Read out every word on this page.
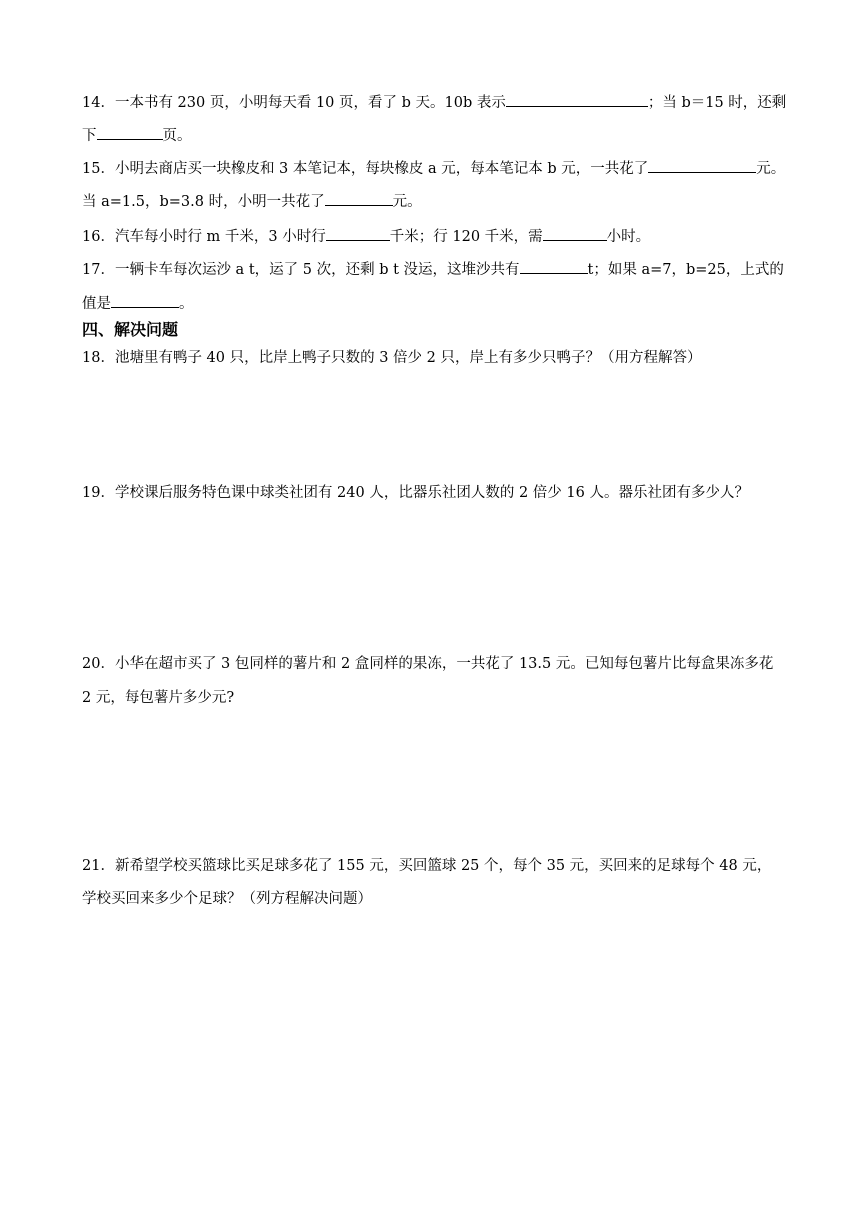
14．一本书有 230 页，小明每天看 10 页，看了 b 天。10b 表示	；当 b＝15 时，还剩
下	页。
15．小明去商店买一块橡皮和 3 本笔记本，每块橡皮 a 元，每本笔记本 b 元，一共花了	元。
当 a=1.5，b=3.8 时，小明一共花了	元。
16．汽车每小时行 m 千米，3 小时行	千米；行 120 千米，需	小时。
17．一辆卡车每次运沙 a t，运了 5 次，还剩 b t 没运，这堆沙共有	t；如果 a=7，b=25，上式的
值是	。
四、解决问题
18．池塘里有鸭子 40 只，比岸上鸭子只数的 3 倍少 2 只，岸上有多少只鸭子？（用方程解答）
19．学校课后服务特色课中球类社团有 240 人，比器乐社团人数的 2 倍少 16 人。器乐社团有多少人？
20．小华在超市买了 3 包同样的薯片和 2 盒同样的果冻，一共花了 13.5 元。已知每包薯片比每盒果冻多花
2 元，每包薯片多少元?
21．新希望学校买篮球比买足球多花了 155 元，买回篮球 25 个，每个 35 元，买回来的足球每个 48 元，
学校买回来多少个足球？（列方程解决问题）
